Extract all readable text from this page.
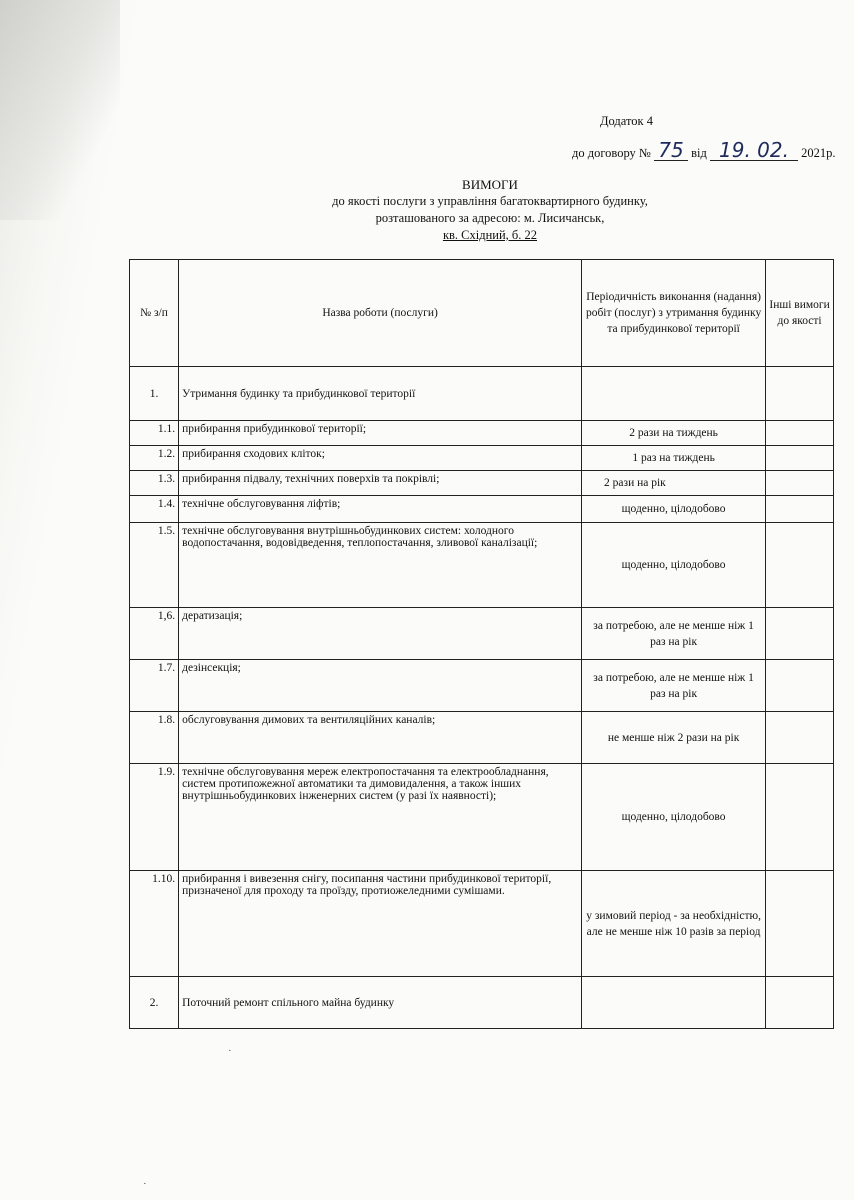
Додаток 4
до договору № 75 від 19. 02. 2021р.
ВИМОГИ
до якості послуги з управління багатоквартирного будинку,
розташованого за адресою: м. Лисичанськ,
кв. Східний, б. 22
№ з/п	Назва роботи (послуги)	Періодичність виконання (надання) робіт (послуг) з утримання будинку та прибудинкової території	Інші вимоги до якості
1.	Утримання будинку та прибудинкової території		
1.1.	прибирання прибудинкової території;	2 рази на тиждень	
1.2.	прибирання сходових кліток;	1 раз на тиждень	
1.3.	прибирання підвалу, технічних поверхів та покрівлі;	2 рази на рік	
1.4.	технічне обслуговування ліфтів;	щоденно, цілодобово	
1.5.	технічне обслуговування внутрішньобудинкових систем: холодного водопостачання, водовідведення, теплопостачання, зливової каналізації;	щоденно, цілодобово	
1,6.	дератизація;	за потребою, але не менше ніж 1 раз на рік	
1.7.	дезінсекція;	за потребою, але не менше ніж 1 раз на рік	
1.8.	обслуговування димових та вентиляційних каналів;	не менше ніж 2 рази на рік	
1.9.	технічне обслуговування мереж електропостачання та електрообладнання, систем протипожежної автоматики та димовидалення, а також інших внутрішньобудинкових інженерних систем (у разі їх наявності);	щоденно, цілодобово	
1.10.	прибирання і вивезення снігу, посипання частини прибудинкової території, призначеної для проходу та проїзду, протиожеледними сумішами.	у зимовий період - за необхідністю, але не менше ніж 10 разів за період	
2.	Поточний ремонт спільного майна будинку		
·
·
